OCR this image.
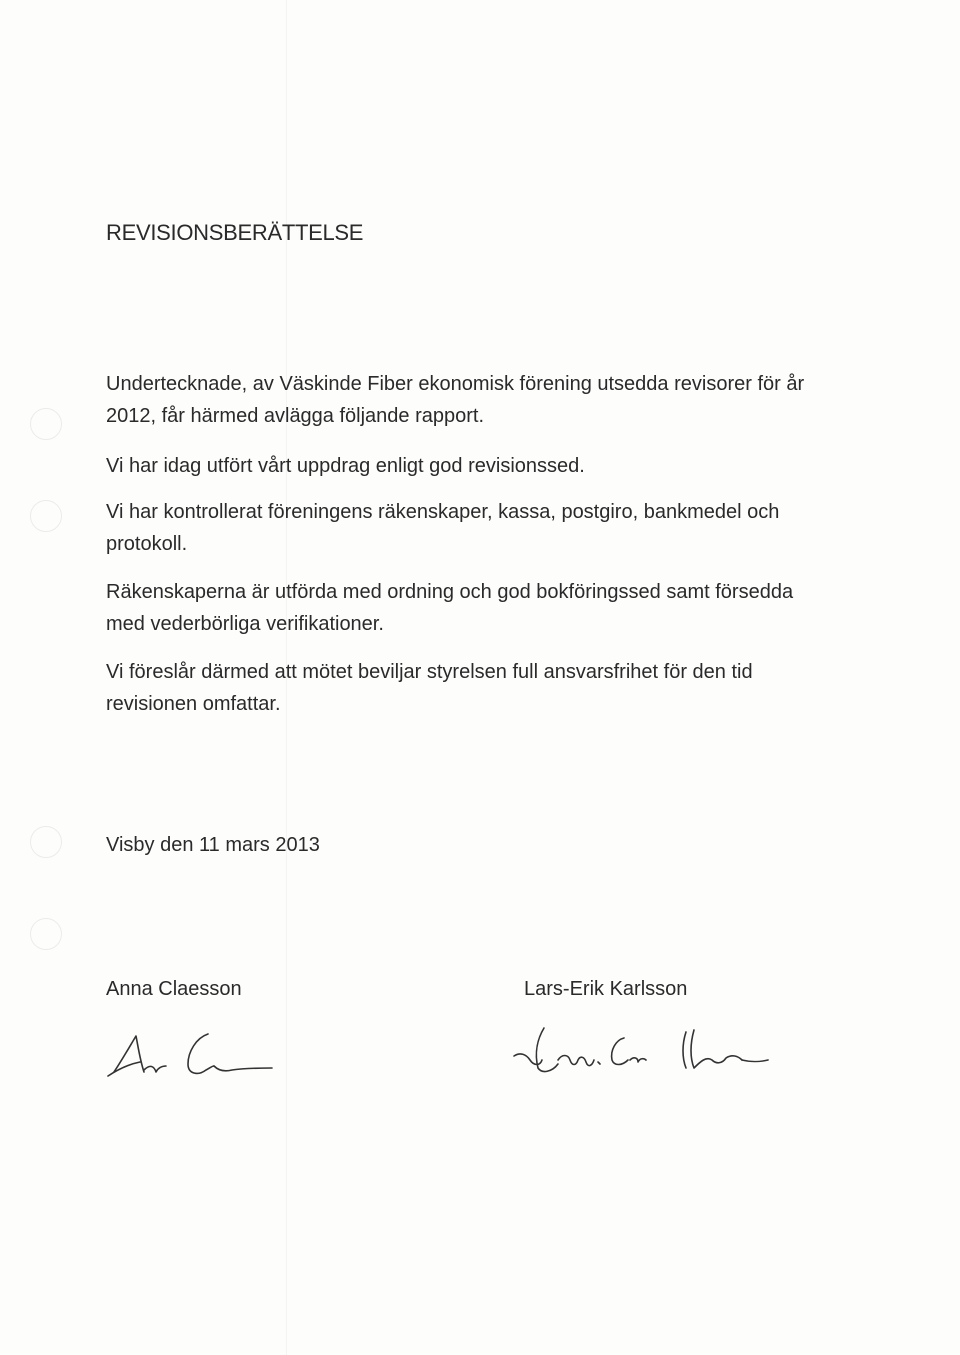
REVISIONSBERÄTTELSE

Undertecknade, av Väskinde Fiber ekonomisk förening utsedda revisorer för år 2012, får härmed avlägga följande rapport.

Vi har idag utfört vårt uppdrag enligt god revisionssed.

Vi har kontrollerat föreningens räkenskaper, kassa, postgiro, bankmedel och protokoll.

Räkenskaperna är utförda med ordning och god bokföringssed samt försedda med vederbörliga verifikationer.

Vi föreslår därmed att mötet beviljar styrelsen full ansvarsfrihet för den tid revisionen omfattar.

Visby den 11 mars 2013

Anna Claesson	Lars-Erik Karlsson
